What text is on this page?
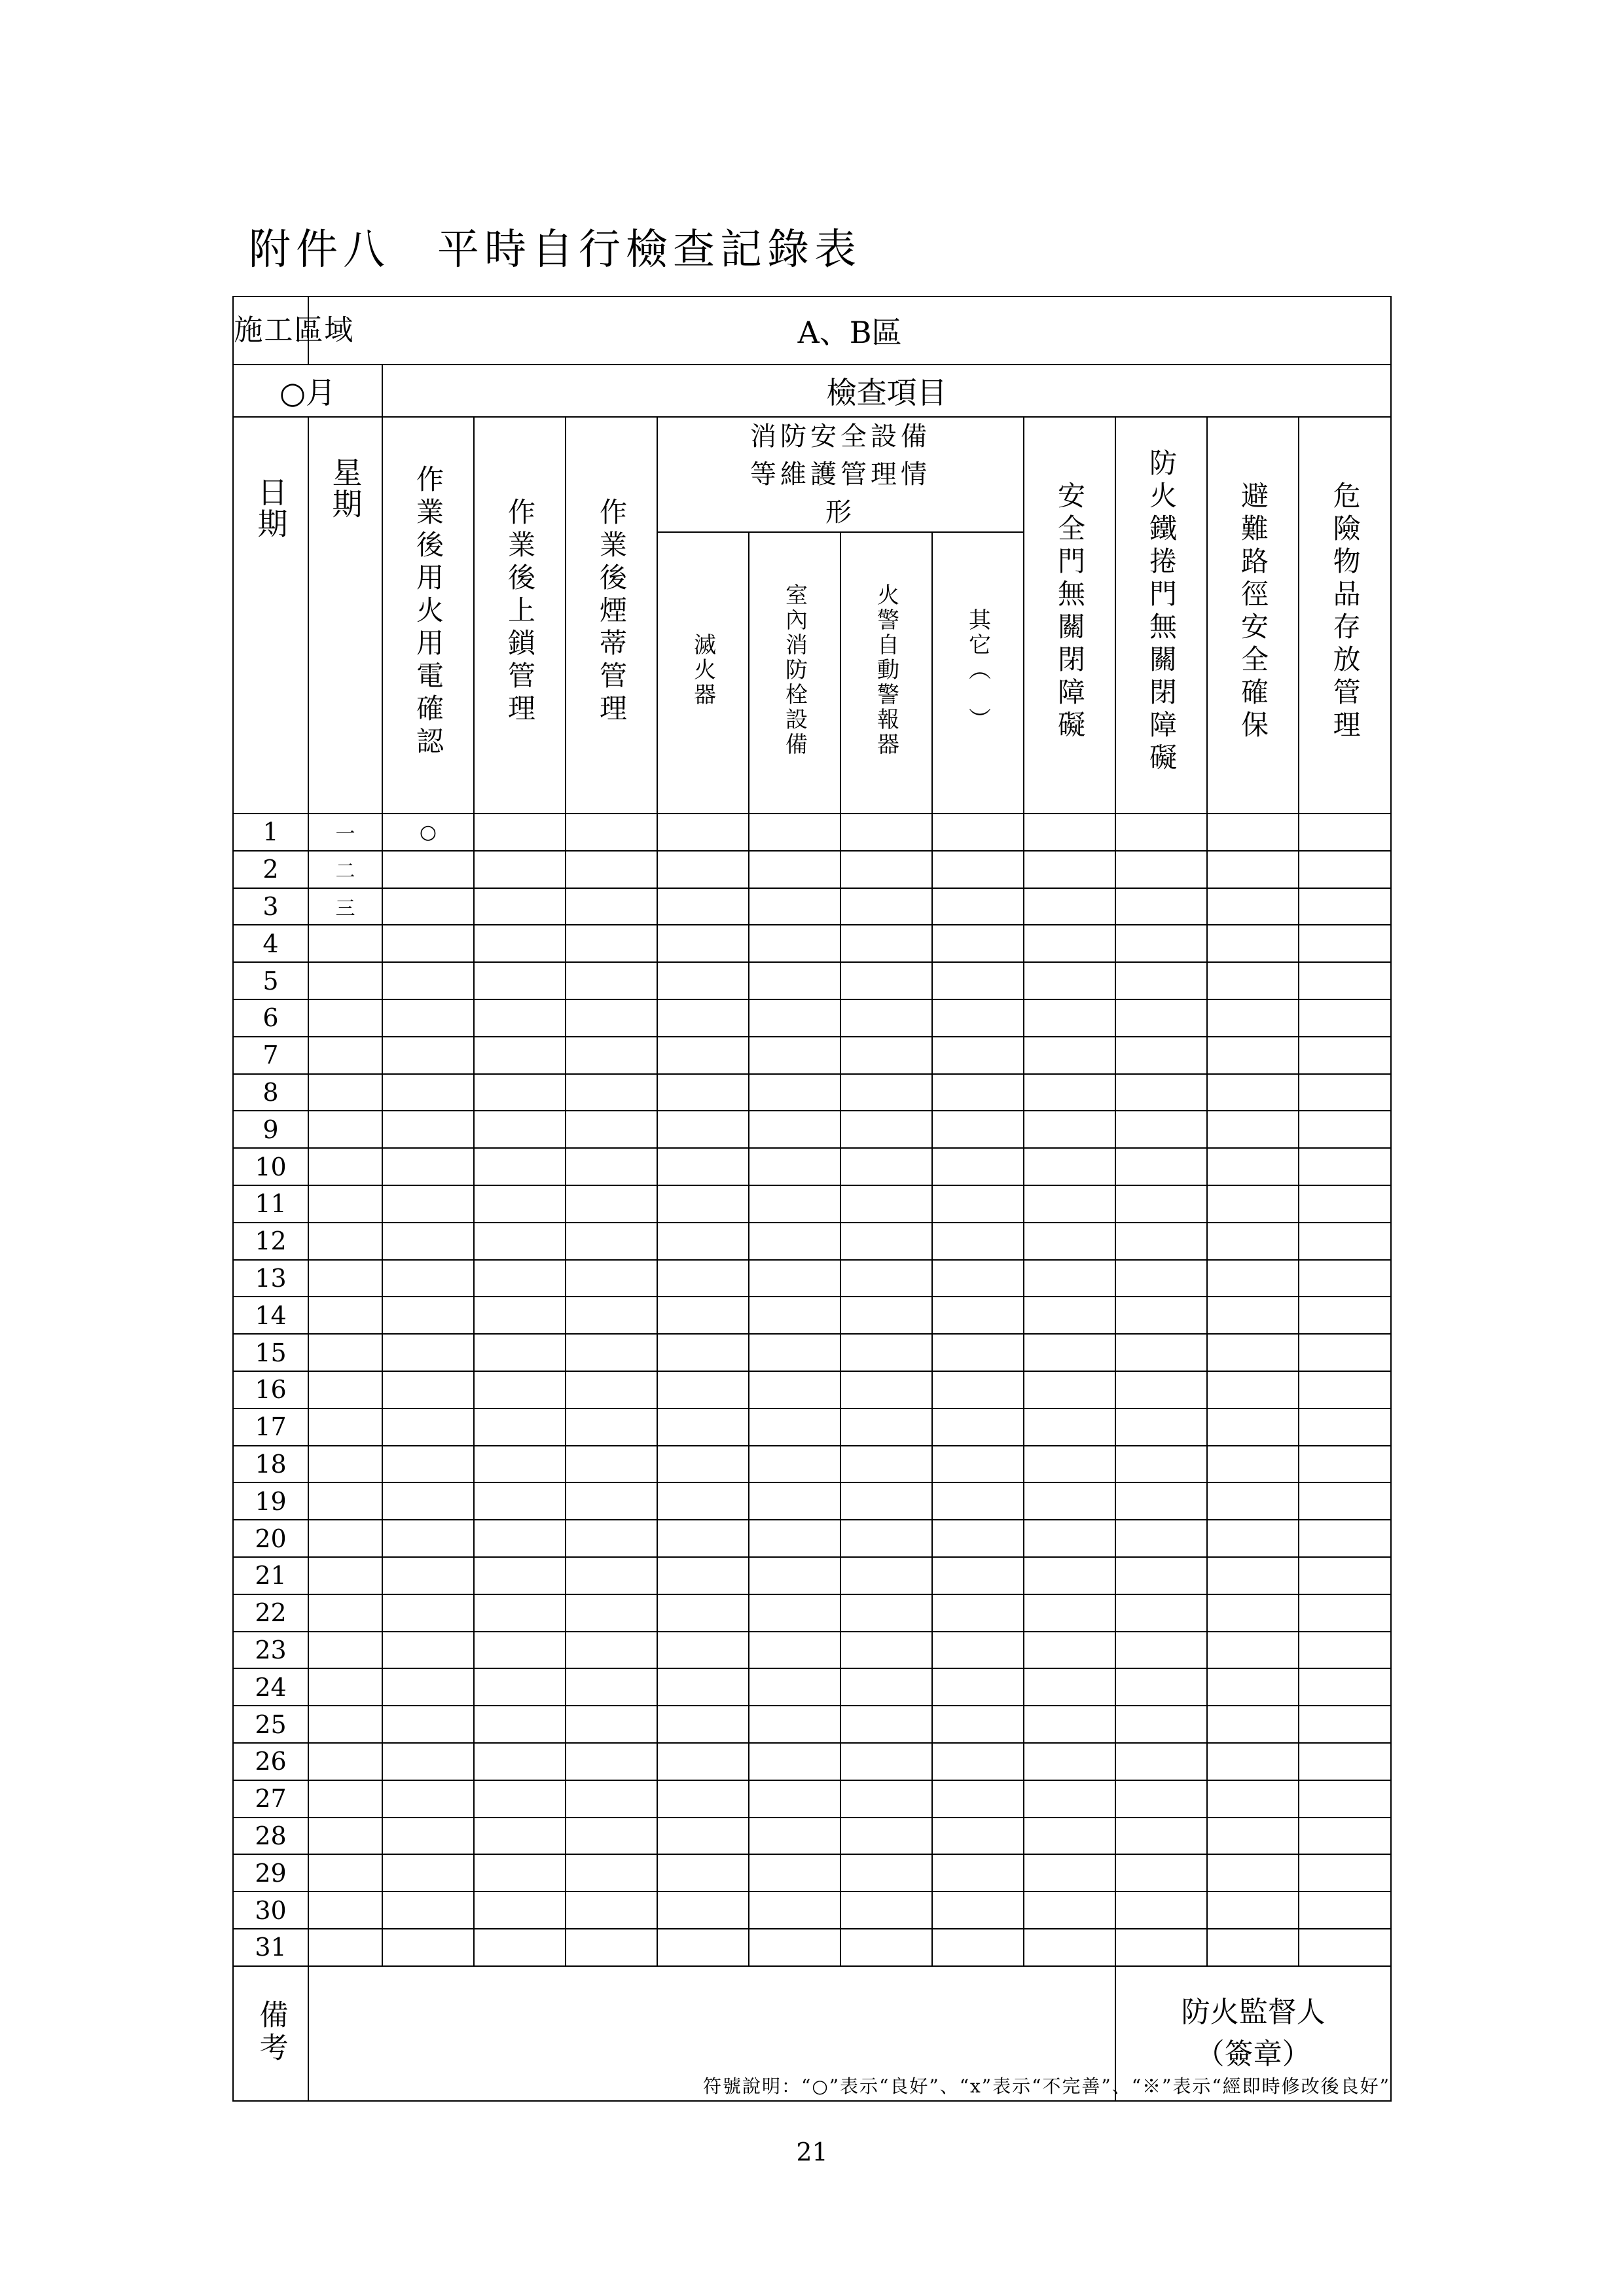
附件八　平時自行檢查記錄表
施工區域	A、B區											
○月		檢查項目										
日期	星期	作業後用火用電確認	作業後上鎖管理	作業後煙蒂管理	消防安全設備等維護管理情形				安全門無關閉障礙	防火鐵捲門無關閉障礙	避難路徑安全確保	危險物品存放管理
					滅火器	室內消防栓設備	火警自動警報器	其它（　）				
1	一	○										
2	二											
3	三											
4												
5												
6												
7												
8												
9												
10												
11												
12												
13												
14												
15												
16												
17												
18												
19												
20												
21												
22												
23												
24												
25												
26												
27												
28												
29												
30												
31												
備考										防火監督人
（簽章）		
符號說明：“○”表示“良好”、“x”表示“不完善”、“※”表示“經即時修改後良好”
21
